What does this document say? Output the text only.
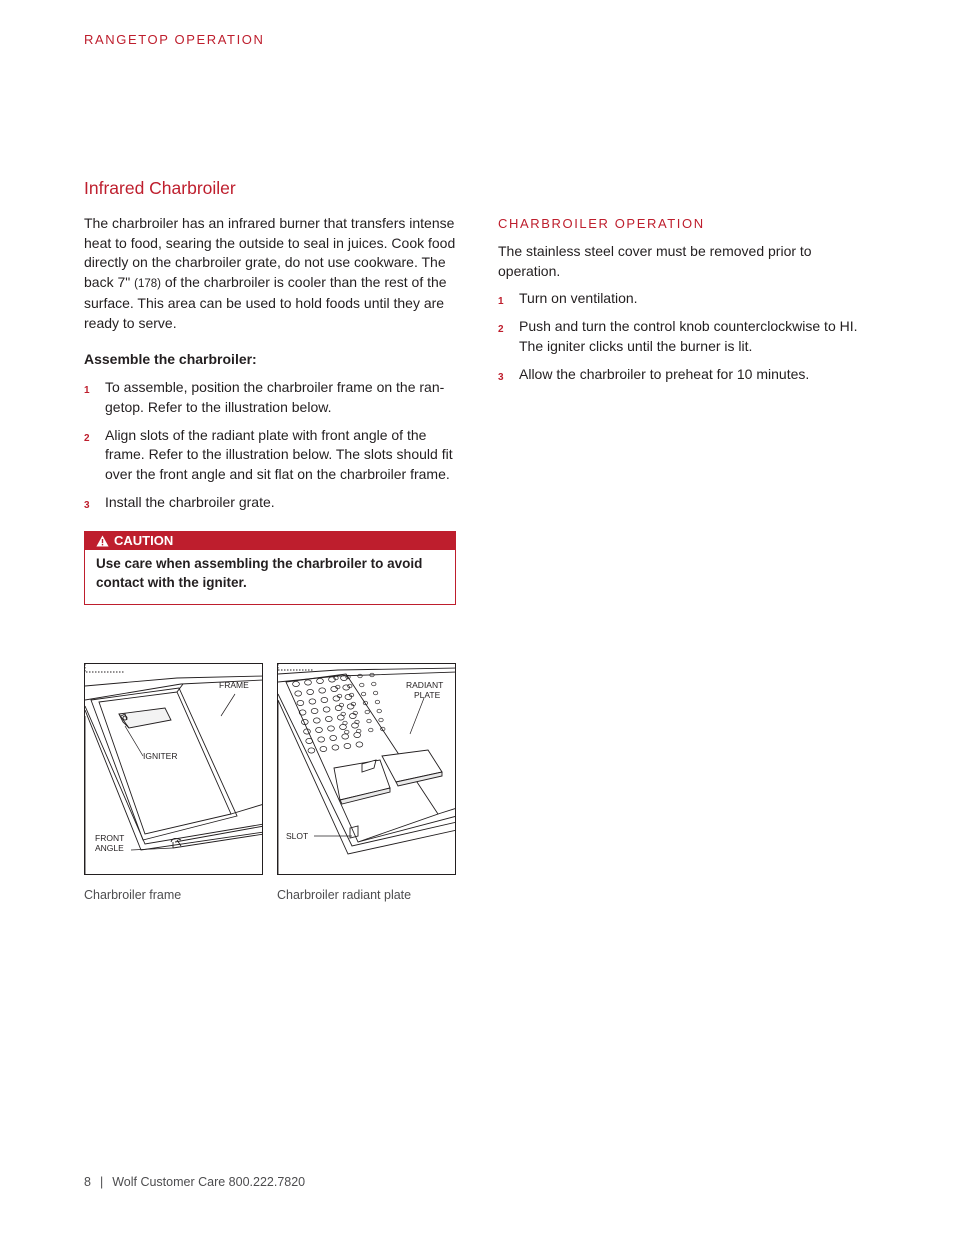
RANGETOP OPERATION
Infrared Charbroiler

The charbroiler has an infrared burner that transfers intense heat to food, searing the outside to seal in juices. Cook food directly on the charbroiler grate, do not use cookware. The back 7" (178) of the charbroiler is cooler than the rest of the surface. This area can be used to hold foods until they are ready to serve.

Assemble the charbroiler:
1 To assemble, position the charbroiler frame on the ran-getop. Refer to the illustration below.
2 Align slots of the radiant plate with front angle of the frame. Refer to the illustration below. The slots should fit over the front angle and sit flat on the charbroiler frame.
3 Install the charbroiler grate.
CAUTION
Use care when assembling the charbroiler to avoid contact with the igniter.
FRAME
IGNITER
FRONT
ANGLE
RADIANT
PLATE
SLOT
Charbroiler frame	Charbroiler radiant plate
CHARBROILER OPERATION

The stainless steel cover must be removed prior to operation.

1 Turn on ventilation.
2 Push and turn the control knob counterclockwise to HI. The igniter clicks until the burner is lit.
3 Allow the charbroiler to preheat for 10 minutes.
8 | Wolf Customer Care 800.222.7820
